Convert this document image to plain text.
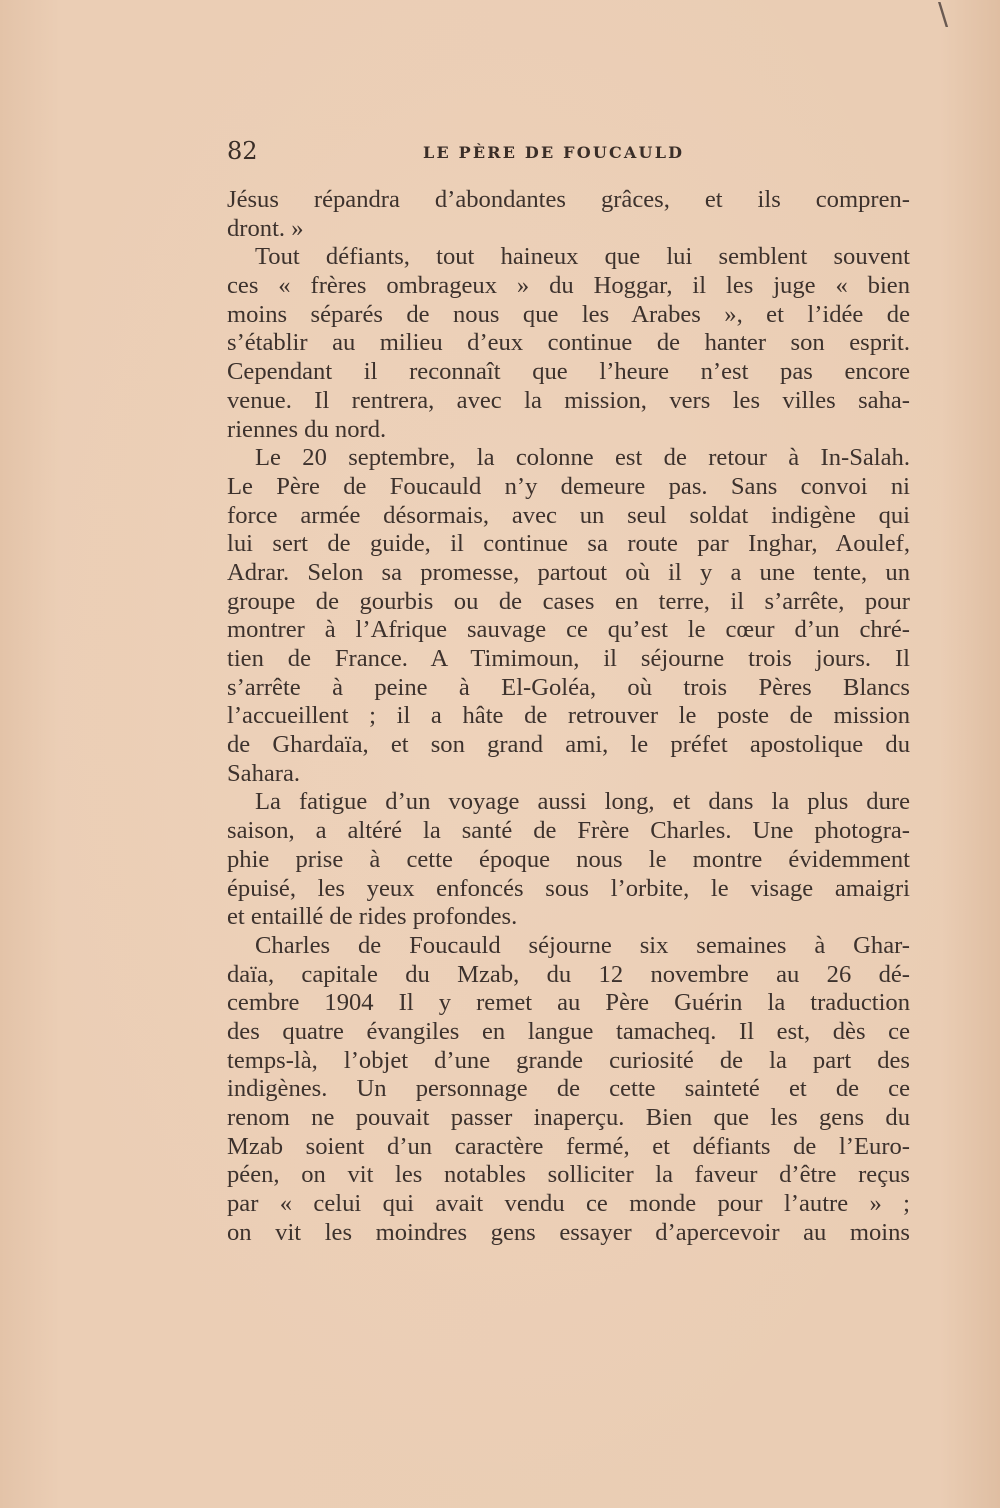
\
82	LE PÈRE DE FOUCAULD
Jésus répandra d’abondantes grâces, et ils compren-
dront. »
Tout défiants, tout haineux que lui semblent souvent
ces « frères ombrageux » du Hoggar, il les juge « bien
moins séparés de nous que les Arabes », et l’idée de
s’établir au milieu d’eux continue de hanter son esprit.
Cependant il reconnaît que l’heure n’est pas encore
venue. Il rentrera, avec la mission, vers les villes saha-
riennes du nord.
Le 20 septembre, la colonne est de retour à In-Salah.
Le Père de Foucauld n’y demeure pas. Sans convoi ni
force armée désormais, avec un seul soldat indigène qui
lui sert de guide, il continue sa route par Inghar, Aoulef,
Adrar. Selon sa promesse, partout où il y a une tente, un
groupe de gourbis ou de cases en terre, il s’arrête, pour
montrer à l’Afrique sauvage ce qu’est le cœur d’un chré-
tien de France. A Timimoun, il séjourne trois jours. Il
s’arrête à peine à El-Goléa, où trois Pères Blancs
l’accueillent ; il a hâte de retrouver le poste de mission
de Ghardaïa, et son grand ami, le préfet apostolique du
Sahara.
La fatigue d’un voyage aussi long, et dans la plus dure
saison, a altéré la santé de Frère Charles. Une photogra-
phie prise à cette époque nous le montre évidemment
épuisé, les yeux enfoncés sous l’orbite, le visage amaigri
et entaillé de rides profondes.
Charles de Foucauld séjourne six semaines à Ghar-
daïa, capitale du Mzab, du 12 novembre au 26 dé-
cembre 1904 Il y remet au Père Guérin la traduction
des quatre évangiles en langue tamacheq. Il est, dès ce
temps-là, l’objet d’une grande curiosité de la part des
indigènes. Un personnage de cette sainteté et de ce
renom ne pouvait passer inaperçu. Bien que les gens du
Mzab soient d’un caractère fermé, et défiants de l’Euro-
péen, on vit les notables solliciter la faveur d’être reçus
par « celui qui avait vendu ce monde pour l’autre » ;
on vit les moindres gens essayer d’apercevoir au moins
